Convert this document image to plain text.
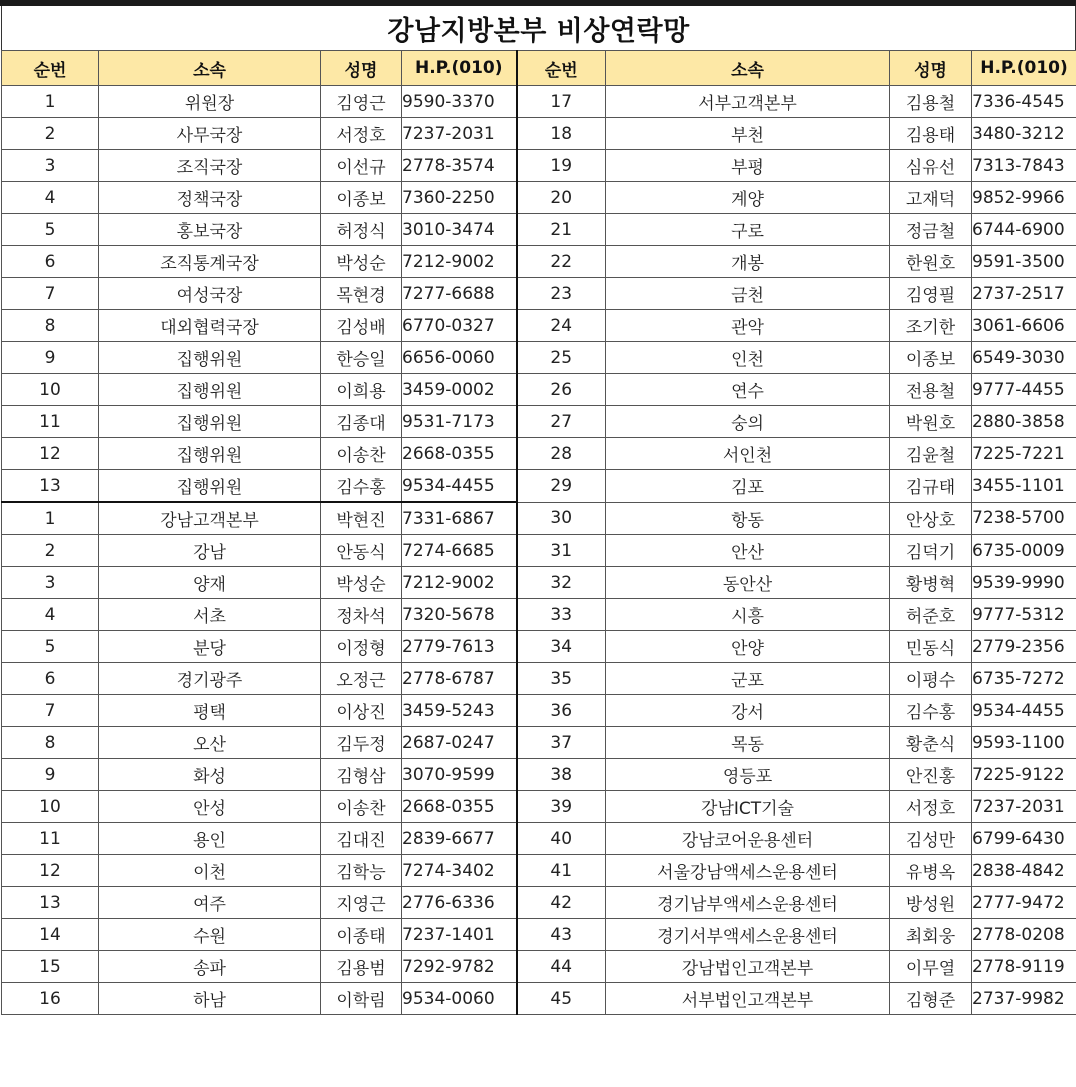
강남지방본부 비상연락망
순번	소속	성명	H.P.(010)	순번	소속	성명	H.P.(010)
1	위원장	김영근	9590-3370	17	서부고객본부	김용철	7336-4545
2	사무국장	서정호	7237-2031	18	부천	김용태	3480-3212
3	조직국장	이선규	2778-3574	19	부평	심유선	7313-7843
4	정책국장	이종보	7360-2250	20	계양	고재덕	9852-9966
5	홍보국장	허정식	3010-3474	21	구로	정금철	6744-6900
6	조직통계국장	박성순	7212-9002	22	개봉	한원호	9591-3500
7	여성국장	목현경	7277-6688	23	금천	김영필	2737-2517
8	대외협력국장	김성배	6770-0327	24	관악	조기한	3061-6606
9	집행위원	한승일	6656-0060	25	인천	이종보	6549-3030
10	집행위원	이희용	3459-0002	26	연수	전용철	9777-4455
11	집행위원	김종대	9531-7173	27	숭의	박원호	2880-3858
12	집행위원	이송찬	2668-0355	28	서인천	김윤철	7225-7221
13	집행위원	김수홍	9534-4455	29	김포	김규태	3455-1101
1	강남고객본부	박현진	7331-6867	30	항동	안상호	7238-5700
2	강남	안동식	7274-6685	31	안산	김덕기	6735-0009
3	양재	박성순	7212-9002	32	동안산	황병혁	9539-9990
4	서초	정차석	7320-5678	33	시흥	허준호	9777-5312
5	분당	이정형	2779-7613	34	안양	민동식	2779-2356
6	경기광주	오정근	2778-6787	35	군포	이평수	6735-7272
7	평택	이상진	3459-5243	36	강서	김수홍	9534-4455
8	오산	김두정	2687-0247	37	목동	황춘식	9593-1100
9	화성	김형삼	3070-9599	38	영등포	안진홍	7225-9122
10	안성	이송찬	2668-0355	39	강남ICT기술	서정호	7237-2031
11	용인	김대진	2839-6677	40	강남코어운용센터	김성만	6799-6430
12	이천	김학능	7274-3402	41	서울강남액세스운용센터	유병옥	2838-4842
13	여주	지영근	2776-6336	42	경기남부액세스운용센터	방성원	2777-9472
14	수원	이종태	7237-1401	43	경기서부액세스운용센터	최회웅	2778-0208
15	송파	김용범	7292-9782	44	강남법인고객본부	이무열	2778-9119
16	하남	이학림	9534-0060	45	서부법인고객본부	김형준	2737-9982
